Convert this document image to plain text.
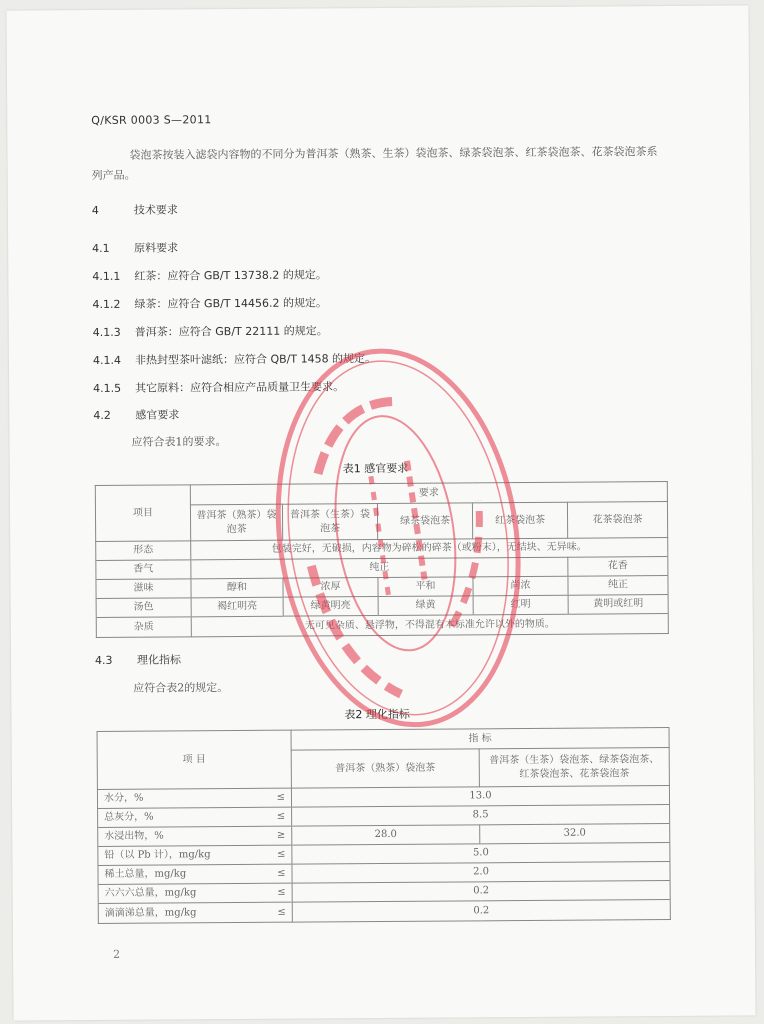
Q/KSR 0003 S—2011
袋泡茶按装入滤袋内容物的不同分为普洱茶（熟茶、生茶）袋泡茶、绿茶袋泡茶、红茶袋泡茶、花茶袋泡茶系列产品。
4	技术要求
4.1 原料要求
4.1.1 红茶：应符合 GB/T 13738.2 的规定。
4.1.2 绿茶：应符合 GB/T 14456.2 的规定。
4.1.3 普洱茶：应符合 GB/T 22111 的规定。
4.1.4 非热封型茶叶滤纸：应符合 QB/T 1458 的规定。
4.1.5 其它原料：应符合相应产品质量卫生要求。
4.2 感官要求
应符合表1的要求。
表1 感官要求
项目	要求				
	普洱茶（熟茶）袋泡茶	普洱茶（生茶）袋泡茶	绿茶袋泡茶	红茶袋泡茶	花茶袋泡茶
形态	包装完好，无破损，内容物为碎松的碎茶（或粉末），无结块、无异味。				
香气	纯正				花香
滋味	醇和	浓厚	平和	尚浓	纯正
汤色	褐红明亮	绿黄明亮	绿黄	红明	黄明或红明
杂质	无可见杂质、悬浮物，不得混有本标准允许以外的物质。				
4.3 理化指标
应符合表2的规定。
表2 理化指标
项 目		指 标	
		普洱茶（熟茶）袋泡茶	普洱茶（生茶）袋泡茶、绿茶袋泡茶、红茶袋泡茶、花茶袋泡茶
水分，%	≤	13.0	
总灰分，%	≤	8.5	
水浸出物，%	≥	28.0	32.0
铅（以 Pb 计），mg/kg	≤	5.0	
稀土总量，mg/kg	≤	2.0	
六六六总量，mg/kg	≤	0.2	
滴滴涕总量，mg/kg	≤	0.2	
2
